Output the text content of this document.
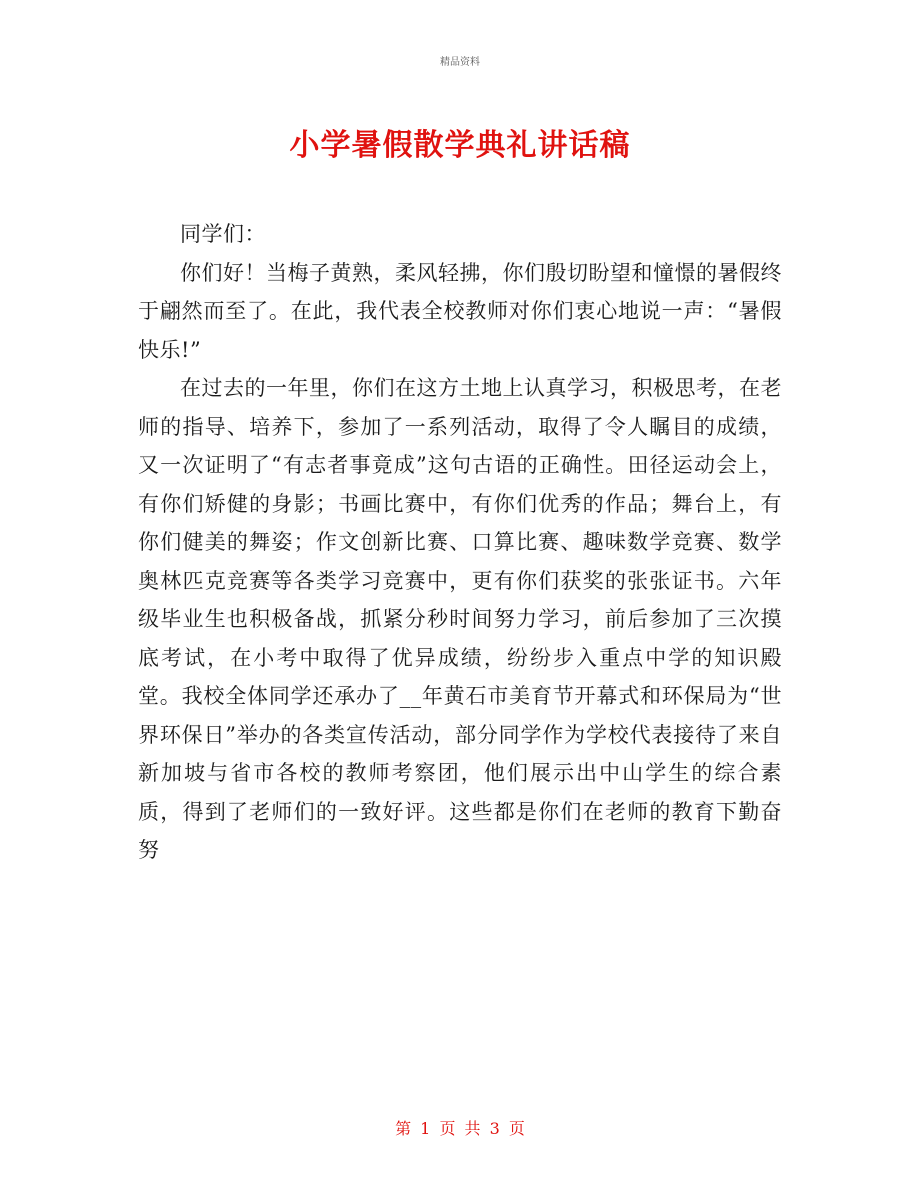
精品资料
小学暑假散学典礼讲话稿

同学们：

你们好！当梅子黄熟，柔风轻拂，你们殷切盼望和憧憬的暑假终于翩然而至了。在此，我代表全校教师对你们衷心地说一声：“暑假快乐!”

在过去的一年里，你们在这方土地上认真学习，积极思考，在老师的指导、培养下，参加了一系列活动，取得了令人瞩目的成绩，又一次证明了“有志者事竟成”这句古语的正确性。田径运动会上，有你们矫健的身影；书画比赛中，有你们优秀的作品；舞台上，有你们健美的舞姿；作文创新比赛、口算比赛、趣味数学竞赛、数学奥林匹克竞赛等各类学习竞赛中，更有你们获奖的张张证书。六年级毕业生也积极备战，抓紧分秒时间努力学习，前后参加了三次摸底考试，在小考中取得了优异成绩，纷纷步入重点中学的知识殿堂。我校全体同学还承办了__年黄石市美育节开幕式和环保局为“世界环保日”举办的各类宣传活动，部分同学作为学校代表接待了来自新加坡与省市各校的教师考察团，他们展示出中山学生的综合素质，得到了老师们的一致好评。这些都是你们在老师的教育下勤奋努

第 1 页 共 3 页
